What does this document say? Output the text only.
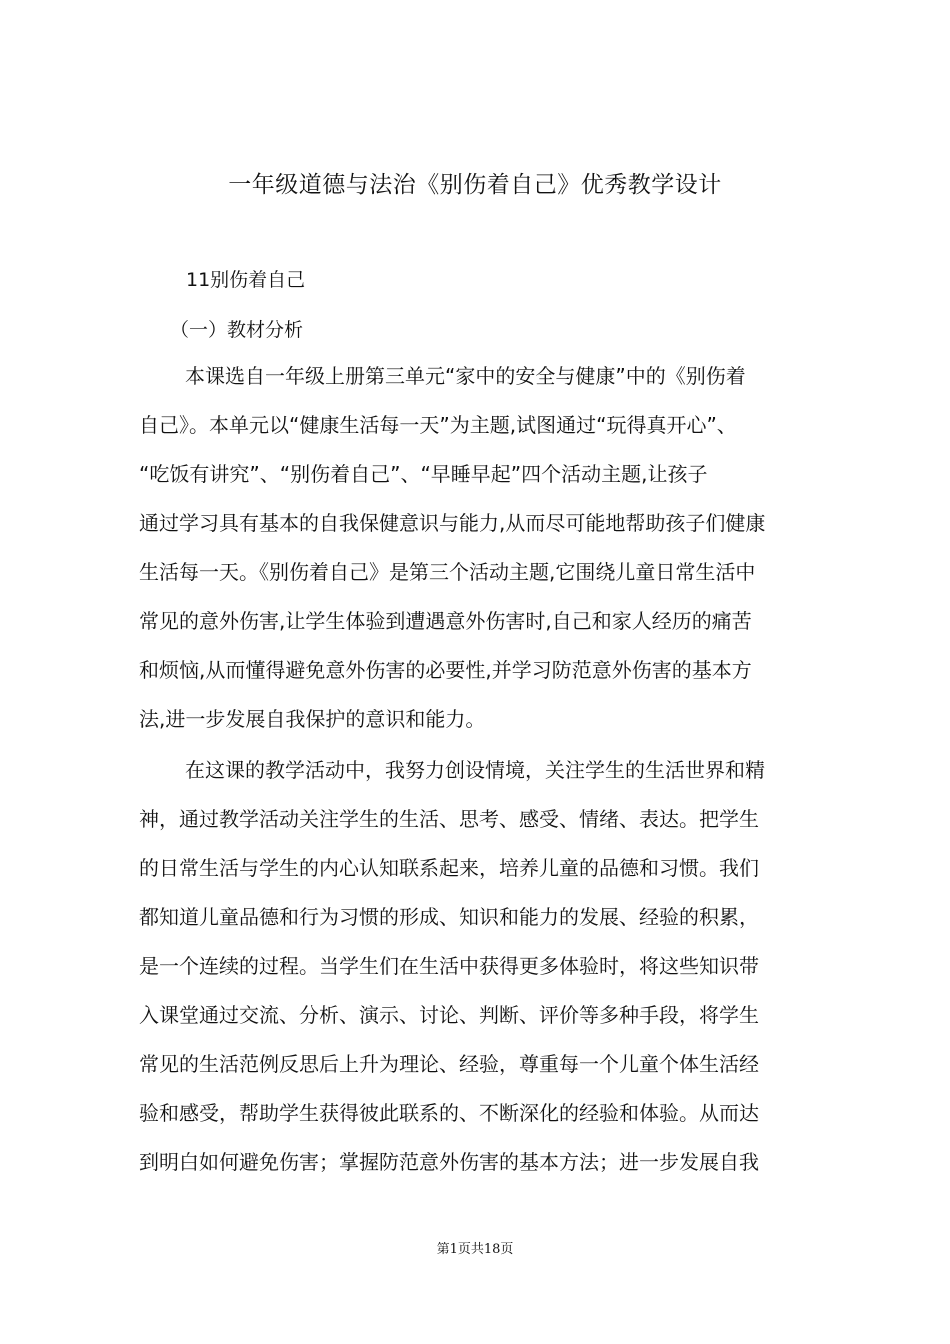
一年级道德与法治《别伤着自己》优秀教学设计
11别伤着自己
（一）教材分析
本课选自一年级上册第三单元“家中的安全与健康”中的《别伤着
自己》。本单元以“健康生活每一天”为主题,试图通过“玩得真开心”、
“吃饭有讲究”、“别伤着自己”、“早睡早起”四个活动主题,让孩子
通过学习具有基本的自我保健意识与能力,从而尽可能地帮助孩子们健康
生活每一天。《别伤着自己》是第三个活动主题,它围绕儿童日常生活中
常见的意外伤害,让学生体验到遭遇意外伤害时,自己和家人经历的痛苦
和烦恼,从而懂得避免意外伤害的必要性,并学习防范意外伤害的基本方
法,进一步发展自我保护的意识和能力。
在这课的教学活动中，我努力创设情境，关注学生的生活世界和精
神，通过教学活动关注学生的生活、思考、感受、情绪、表达。把学生
的日常生活与学生的内心认知联系起来，培养儿童的品德和习惯。我们
都知道儿童品德和行为习惯的形成、知识和能力的发展、经验的积累，
是一个连续的过程。当学生们在生活中获得更多体验时，将这些知识带
入课堂通过交流、分析、演示、讨论、判断、评价等多种手段，将学生
常见的生活范例反思后上升为理论、经验，尊重每一个儿童个体生活经
验和感受，帮助学生获得彼此联系的、不断深化的经验和体验。从而达
到明白如何避免伤害；掌握防范意外伤害的基本方法；进一步发展自我
第1页共18页
